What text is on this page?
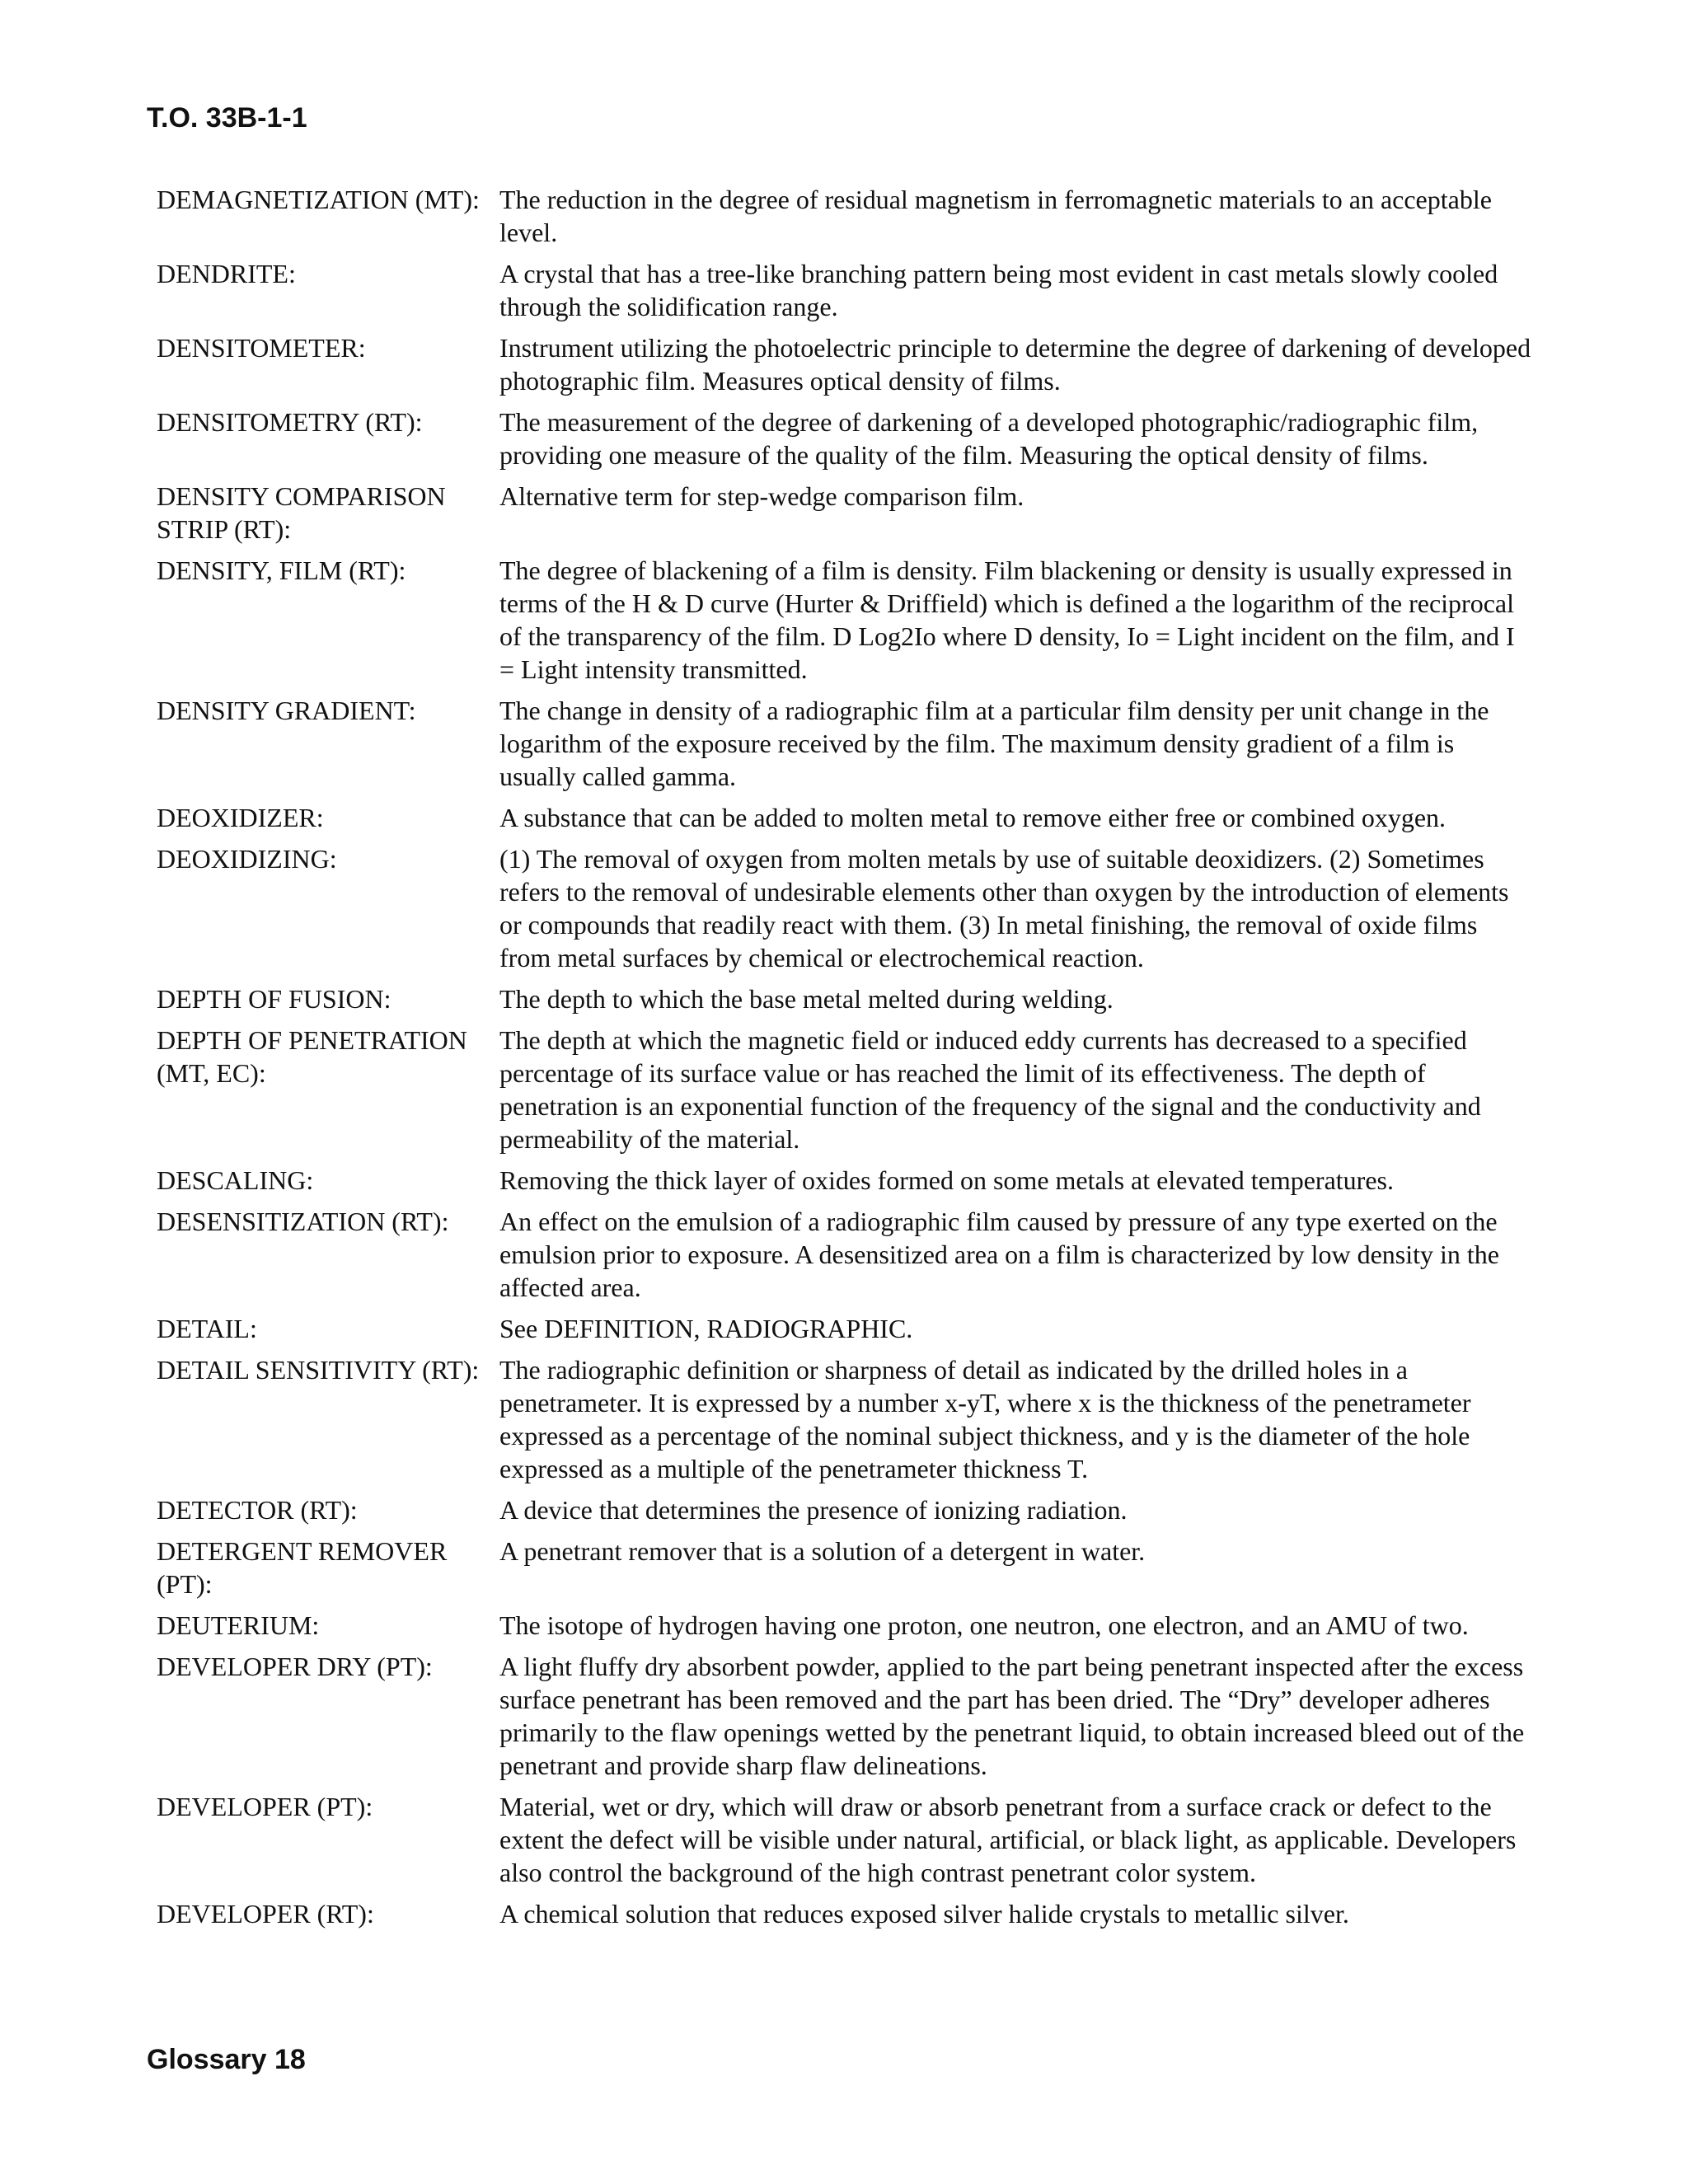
T.O. 33B-1-1
DEMAGNETIZATION (MT): The reduction in the degree of residual magnetism in ferromagnetic materials to an acceptable level.
DENDRITE:	A crystal that has a tree-like branching pattern being most evident in cast metals slowly cooled through the solidification range.
DENSITOMETER:	Instrument utilizing the photoelectric principle to determine the degree of darkening of developed photographic film. Measures optical density of films.
DENSITOMETRY (RT):	The measurement of the degree of darkening of a developed photographic/radiographic film, providing one measure of the quality of the film. Measuring the optical density of films.
DENSITY COMPARISON STRIP (RT):
Alternative term for step-wedge comparison film.
DENSITY, FILM (RT):	The degree of blackening of a film is density. Film blackening or density is usually expressed in terms of the H & D curve (Hurter & Driffield) which is defined a the logarithm of the reciprocal of the transparency of the film. D Log2Io where D density, Io = Light incident on the film, and I = Light intensity transmitted.
DENSITY GRADIENT:	The change in density of a radiographic film at a particular film density per unit change in the logarithm of the exposure received by the film. The maximum density gradient of a film is usually called gamma.
DEOXIDIZER:	A substance that can be added to molten metal to remove either free or combined oxygen.
DEOXIDIZING:	(1) The removal of oxygen from molten metals by use of suitable deoxidizers. (2) Sometimes refers to the removal of undesirable elements other than oxygen by the introduction of elements or compounds that readily react with them. (3) In metal finishing, the removal of oxide films from metal surfaces by chemical or electrochemical reaction.
DEPTH OF FUSION:	The depth to which the base metal melted during welding.
DEPTH OF PENETRATION (MT, EC):
The depth at which the magnetic field or induced eddy currents has decreased to a specified percentage of its surface value or has reached the limit of its effectiveness. The depth of penetration is an exponential function of the frequency of the signal and the conductivity and permeability of the material.
DESCALING:	Removing the thick layer of oxides formed on some metals at elevated temperatures.
DESENSITIZATION (RT):	An effect on the emulsion of a radiographic film caused by pressure of any type exerted on the emulsion prior to exposure. A desensitized area on a film is characterized by low density in the affected area.
DETAIL:	See DEFINITION, RADIOGRAPHIC.
DETAIL SENSITIVITY (RT): The radiographic definition or sharpness of detail as indicated by the drilled holes in a penetrameter. It is expressed by a number x-yT, where x is the thickness of the penetrameter expressed as a percentage of the nominal subject thickness, and y is the diameter of the hole expressed as a multiple of the penetrameter thickness T.
DETECTOR (RT):	A device that determines the presence of ionizing radiation.
DETERGENT REMOVER (PT):
A penetrant remover that is a solution of a detergent in water.
DEUTERIUM:	The isotope of hydrogen having one proton, one neutron, one electron, and an AMU of two.
DEVELOPER DRY (PT):	A light fluffy dry absorbent powder, applied to the part being penetrant inspected after the excess surface penetrant has been removed and the part has been dried. The “Dry” developer adheres primarily to the flaw openings wetted by the penetrant liquid, to obtain increased bleed out of the penetrant and provide sharp flaw delineations.
DEVELOPER (PT):	Material, wet or dry, which will draw or absorb penetrant from a surface crack or defect to the extent the defect will be visible under natural, artificial, or black light, as applicable. Developers also control the background of the high contrast penetrant color system.
DEVELOPER (RT):	A chemical solution that reduces exposed silver halide crystals to metallic silver.
Glossary 18
